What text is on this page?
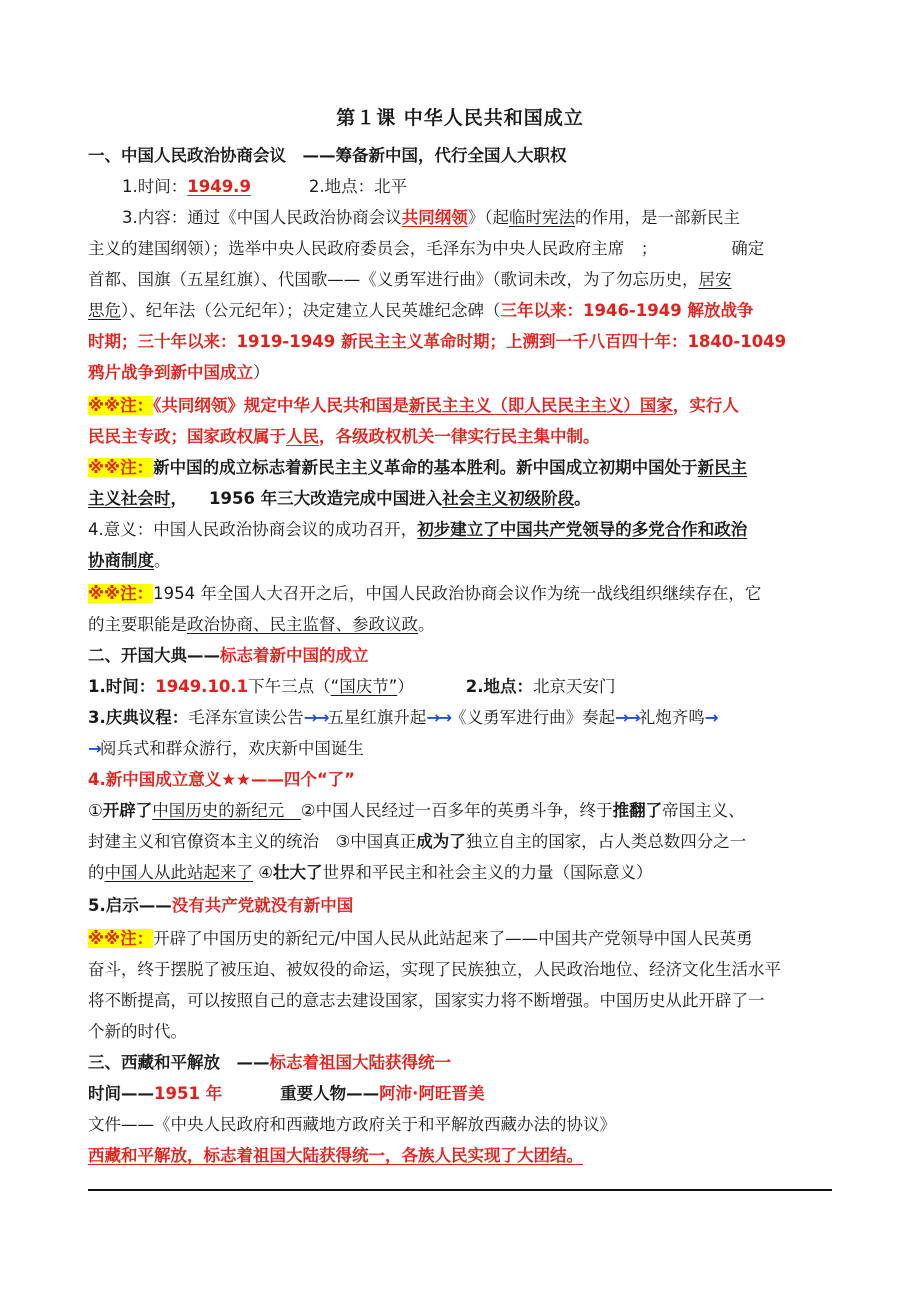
第１课 中华人民共和国成立
一、中国人民政治协商会议　——筹备新中国，代行全国人大职权
1.时间：1949.9	2.地点：北平
3.内容：通过《中国人民政治协商会议共同纲领》（起临时宪法的作用，是一部新民主
主义的建国纲领）；选举中央人民政府委员会，毛泽东为中央人民政府主席　；	确定
首都、国旗（五星红旗）、代国歌——《义勇军进行曲》（歌词未改，为了勿忘历史，居安
思危）、纪年法（公元纪年）；决定建立人民英雄纪念碑（三年以来：1946-1949 解放战争
时期；三十年以来：1919-1949 新民主主义革命时期；上溯到一千八百四十年：1840-1049
鸦片战争到新中国成立）
※※注：《共同纲领》规定中华人民共和国是新民主主义（即人民民主主义）国家，实行人
民民主专政；国家政权属于人民，各级政权机关一律实行民主集中制。
※※注：新中国的成立标志着新民主主义革命的基本胜利。新中国成立初期中国处于新民主
主义社会时， 1956 年三大改造完成中国进入社会主义初级阶段。
4.意义：中国人民政治协商会议的成功召开，初步建立了中国共产党领导的多党合作和政治
协商制度。
※※注：1954 年全国人大召开之后，中国人民政治协商会议作为统一战线组织继续存在，它
的主要职能是政治协商、民主监督、参政议政。
二、开国大典——标志着新中国的成立
1.时间：1949.10.1下午三点（“国庆节”）	2.地点：北京天安门
3.庆典议程：毛泽东宣读公告→→五星红旗升起→→《义勇军进行曲》奏起→→礼炮齐鸣→
→阅兵式和群众游行，欢庆新中国诞生
4.新中国成立意义★★——四个“了”
①开辟了中国历史的新纪元　②中国人民经过一百多年的英勇斗争，终于推翻了帝国主义、
封建主义和官僚资本主义的统治　③中国真正成为了独立自主的国家，占人类总数四分之一
的中国人从此站起来了 ④壮大了世界和平民主和社会主义的力量（国际意义）
5.启示——没有共产党就没有新中国
※※注：开辟了中国历史的新纪元/中国人民从此站起来了——中国共产党领导中国人民英勇
奋斗，终于摆脱了被压迫、被奴役的命运，实现了民族独立，人民政治地位、经济文化生活水平
将不断提高，可以按照自己的意志去建设国家，国家实力将不断增强。中国历史从此开辟了一
个新的时代。
三、西藏和平解放　——标志着祖国大陆获得统一
时间——1951 年	重要人物——阿沛·阿旺晋美
文件——《中央人民政府和西藏地方政府关于和平解放西藏办法的协议》
西藏和平解放，标志着祖国大陆获得统一，各族人民实现了大团结。
